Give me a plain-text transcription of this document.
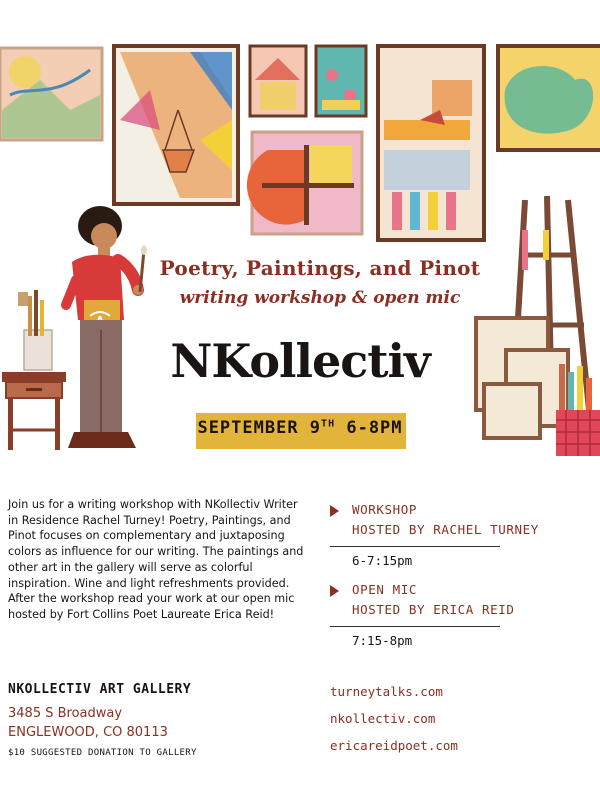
Poetry, Paintings, and Pinot
writing workshop & open mic
NKollectiv
SEPTEMBER 9TH 6-8PM
Join us for a writing workshop with NKollectiv Writer in Residence Rachel Turney! Poetry, Paintings, and Pinot focuses on complementary and juxtaposing colors as influence for our writing. The paintings and other art in the gallery will serve as colorful inspiration. Wine and light refreshments provided. After the workshop read your work at our open mic hosted by Fort Collins Poet Laureate Erica Reid!
NKOLLECTIV ART GALLERY
3485 S Broadway
ENGLEWOOD, CO 80113
$10 SUGGESTED DONATION TO GALLERY
WORKSHOP
HOSTED BY RACHEL TURNEY
6-7:15pm
OPEN MIC
HOSTED BY ERICA REID
7:15-8pm
turneytalks.com
nkollectiv.com
ericareidpoet.com
